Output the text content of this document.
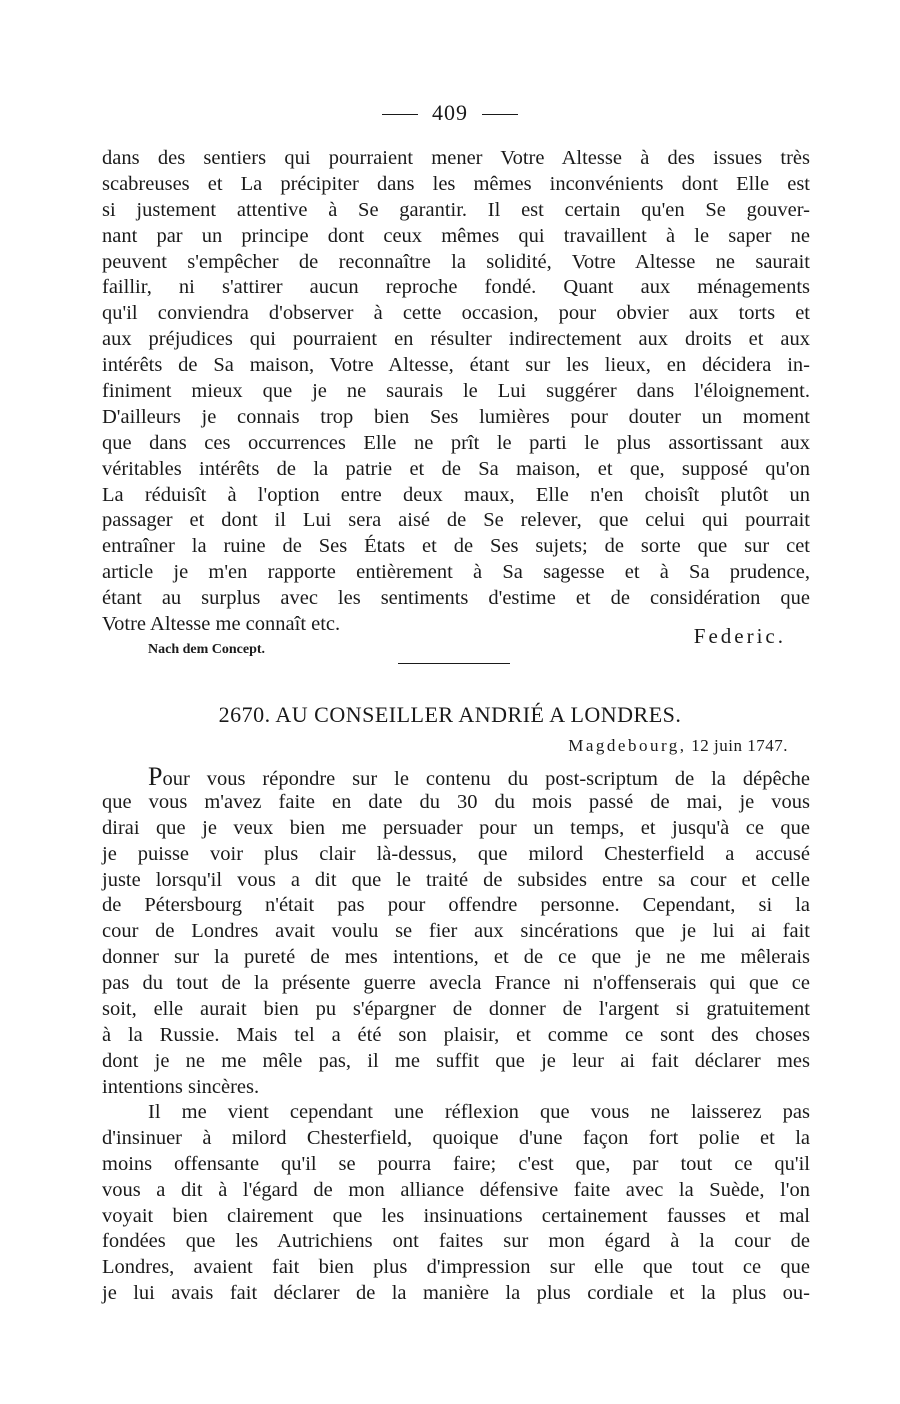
409
dans des sentiers qui pourraient mener Votre Altesse à des issues très
scabreuses et La précipiter dans les mêmes inconvénients dont Elle est
si justement attentive à Se garantir. Il est certain qu'en Se gouver-
nant par un principe dont ceux mêmes qui travaillent à le saper ne
peuvent s'empêcher de reconnaître la solidité, Votre Altesse ne saurait
faillir, ni s'attirer aucun reproche fondé. Quant aux ménagements
qu'il conviendra d'observer à cette occasion, pour obvier aux torts et
aux préjudices qui pourraient en résulter indirectement aux droits et aux
intérêts de Sa maison, Votre Altesse, étant sur les lieux, en décidera in-
finiment mieux que je ne saurais le Lui suggérer dans l'éloignement.
D'ailleurs je connais trop bien Ses lumières pour douter un moment
que dans ces occurrences Elle ne prît le parti le plus assortissant aux
véritables intérêts de la patrie et de Sa maison, et que, supposé qu'on
La réduisît à l'option entre deux maux, Elle n'en choisît plutôt un
passager et dont il Lui sera aisé de Se relever, que celui qui pourrait
entraîner la ruine de Ses États et de Ses sujets; de sorte que sur cet
article je m'en rapporte entièrement à Sa sagesse et à Sa prudence,
étant au surplus avec les sentiments d'estime et de considération que
Votre Altesse me connaît etc.	Federic.
Nach dem Concept.
2670. AU CONSEILLER ANDRIÉ A LONDRES.
Magdebourg, 12 juin 1747.
Pour vous répondre sur le contenu du post-scriptum de la dépêche
que vous m'avez faite en date du 30 du mois passé de mai, je vous
dirai que je veux bien me persuader pour un temps, et jusqu'à ce que
je puisse voir plus clair là-dessus, que milord Chesterfield a accusé
juste lorsqu'il vous a dit que le traité de subsides entre sa cour et celle
de Pétersbourg n'était pas pour offendre personne. Cependant, si la
cour de Londres avait voulu se fier aux sincérations que je lui ai fait
donner sur la pureté de mes intentions, et de ce que je ne me mêlerais
pas du tout de la présente guerre avecla France ni n'offenserais qui que ce
soit, elle aurait bien pu s'épargner de donner de l'argent si gratuitement
à la Russie. Mais tel a été son plaisir, et comme ce sont des choses
dont je ne me mêle pas, il me suffit que je leur ai fait déclarer mes
intentions sincères.
Il me vient cependant une réflexion que vous ne laisserez pas
d'insinuer à milord Chesterfield, quoique d'une façon fort polie et la
moins offensante qu'il se pourra faire; c'est que, par tout ce qu'il
vous a dit à l'égard de mon alliance défensive faite avec la Suède, l'on
voyait bien clairement que les insinuations certainement fausses et mal
fondées que les Autrichiens ont faites sur mon égard à la cour de
Londres, avaient fait bien plus d'impression sur elle que tout ce que
je lui avais fait déclarer de la manière la plus cordiale et la plus ou-
